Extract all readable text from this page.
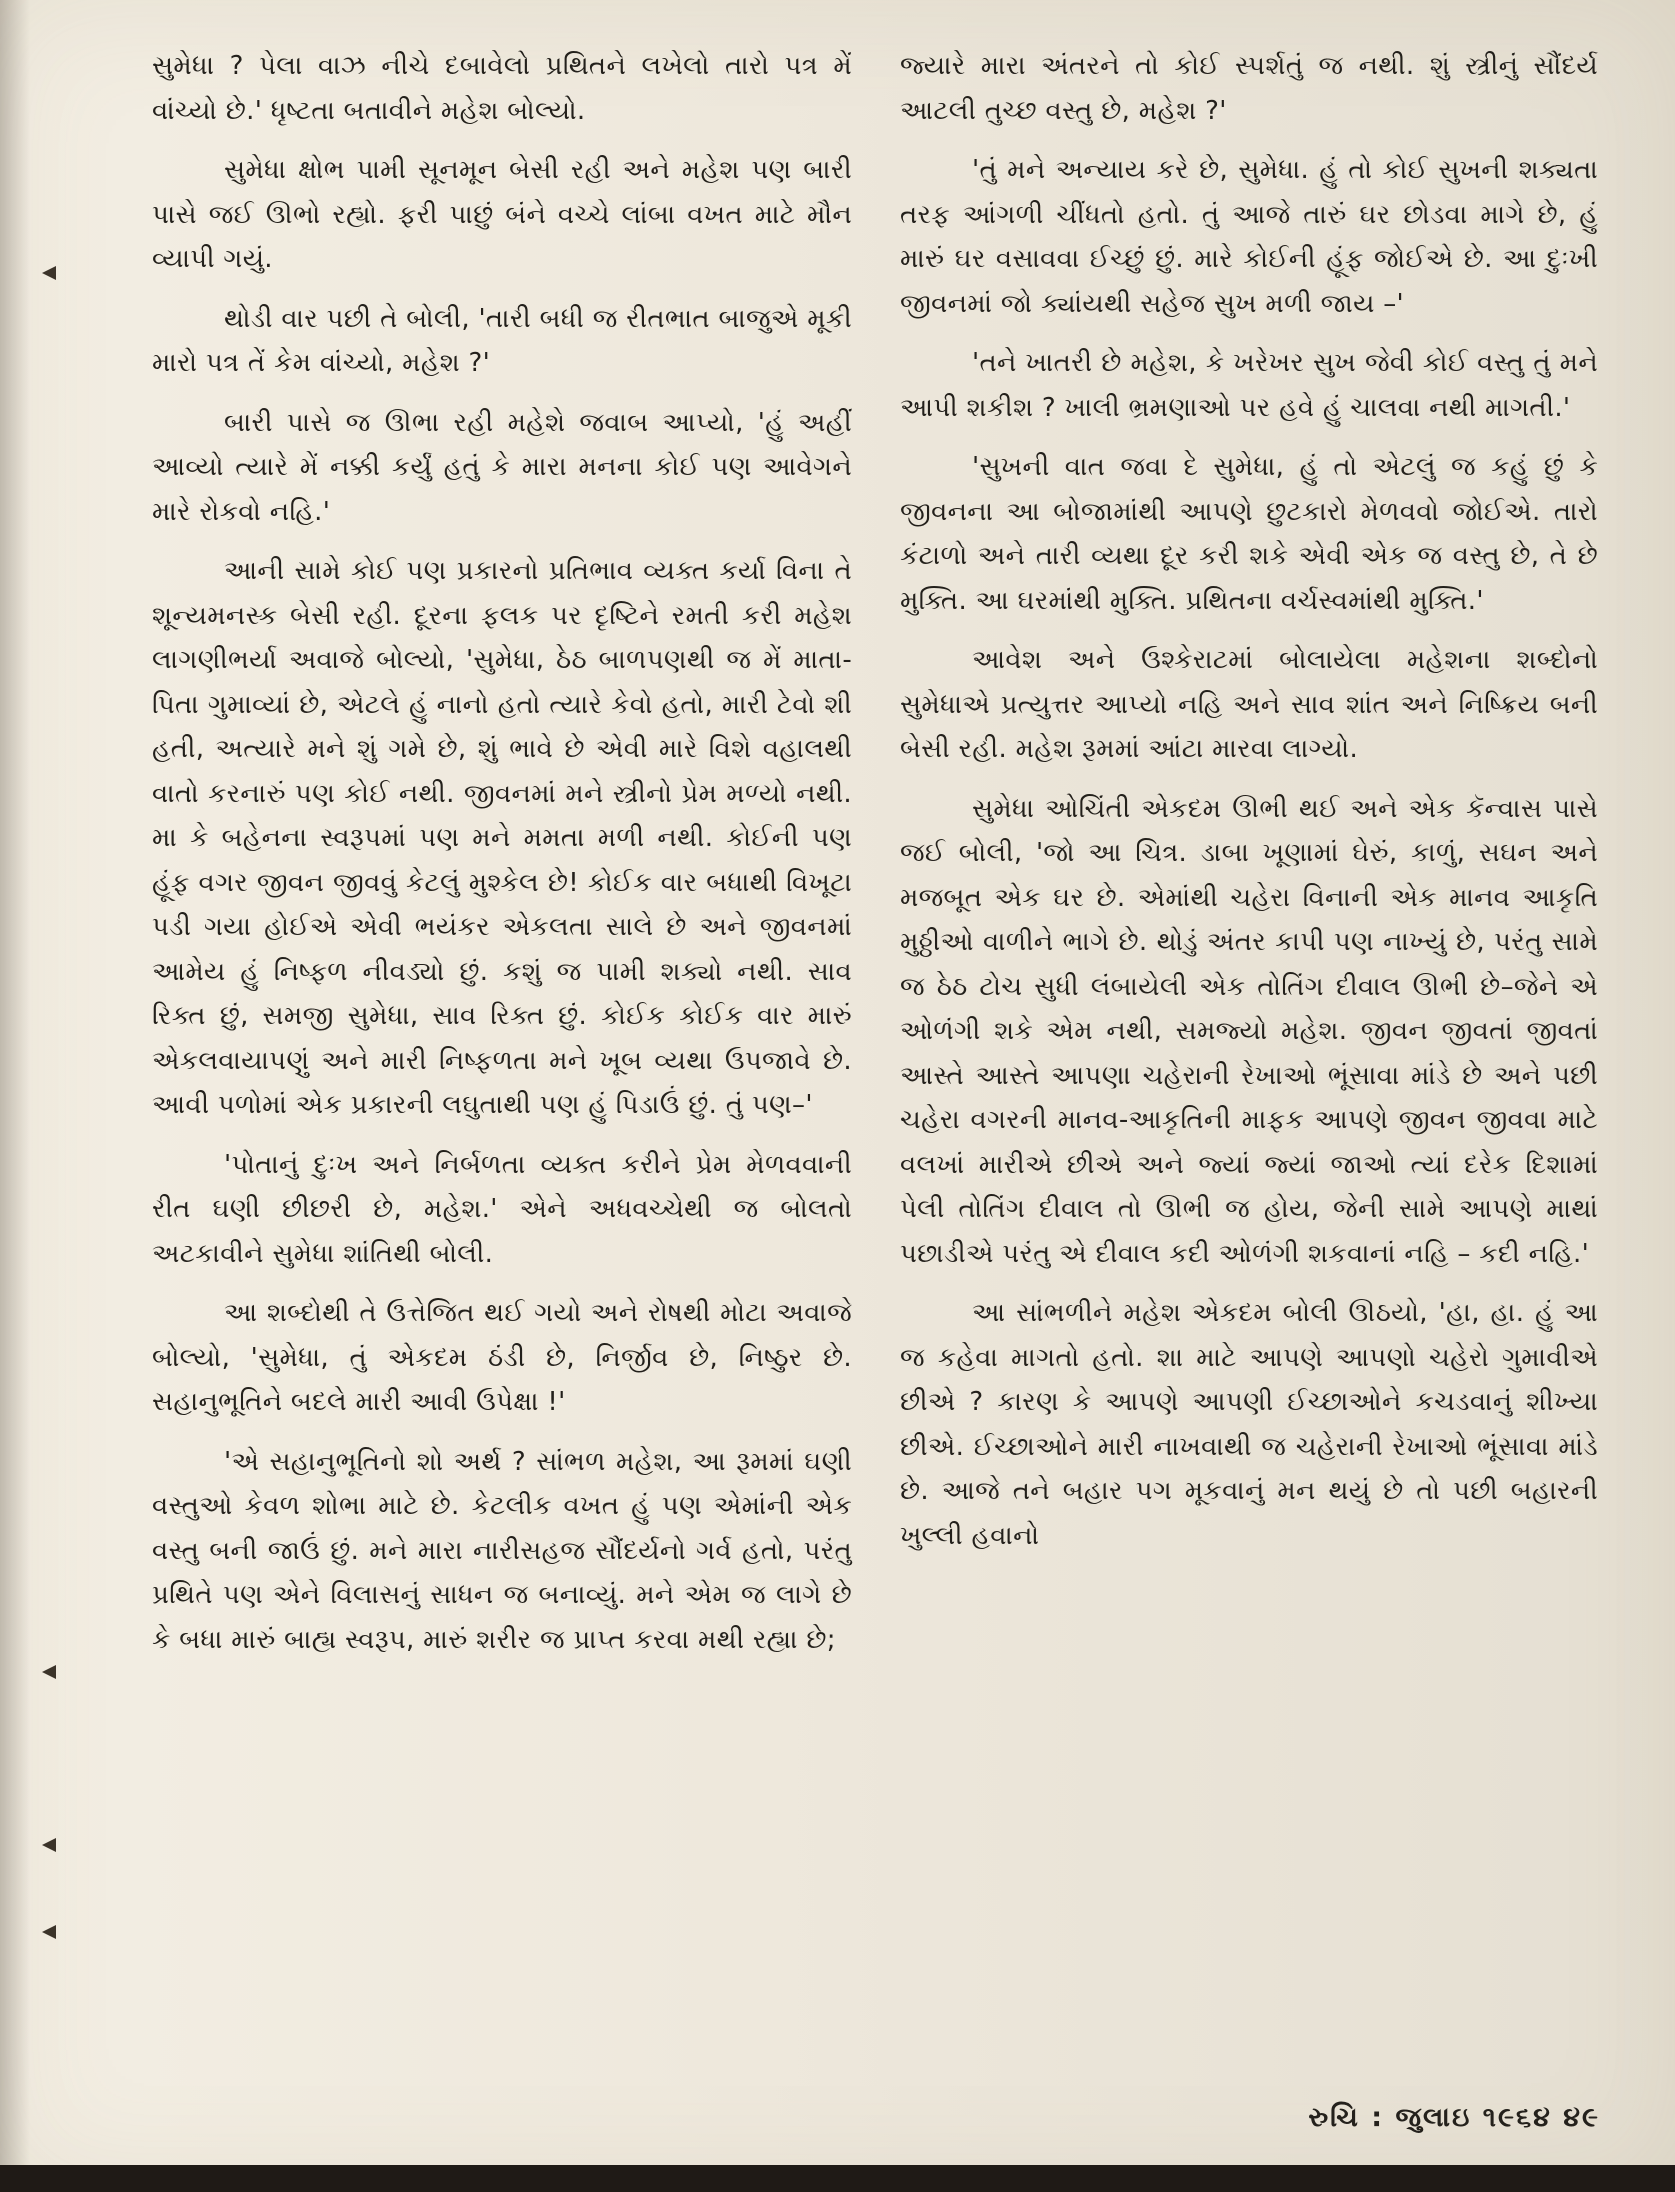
સુમેધા ? પેલા વાઝ નીચે દબાવેલો પ્રથિતને લખેલો તારો પત્ર મેં વાંચ્યો છે.' ધૃષ્ટતા બતાવીને મહેશ બોલ્યો.

સુમેધા ક્ષોભ પામી સૂનમૂન બેસી રહી અને મહેશ પણ બારી પાસે જઈ ઊભો રહ્યો. ફરી પાછું બંને વચ્ચે લાંબા વખત માટે મૌન વ્યાપી ગયું.

થોડી વાર પછી તે બોલી, 'તારી બધી જ રીતભાત બાજુએ મૂકી મારો પત્ર તેં કેમ વાંચ્યો, મહેશ ?'

બારી પાસે જ ઊભા રહી મહેશે જવાબ આપ્યો, 'હું અહીં આવ્યો ત્યારે મેં નક્કી કર્યું હતું કે મારા મનના કોઈ પણ આવેગને મારે રોકવો નહિ.'

આની સામે કોઈ પણ પ્રકારનો પ્રતિભાવ વ્યક્ત કર્યા વિના તે શૂન્યમનસ્ક બેસી રહી. દૂરના ફલક પર દૃષ્ટિને રમતી કરી મહેશ લાગણીભર્યા અવાજે બોલ્યો, 'સુમેધા, ઠેઠ બાળપણથી જ મેં માતા-પિતા ગુમાવ્યાં છે, એટલે હું નાનો હતો ત્યારે કેવો હતો, મારી ટેવો શી હતી, અત્યારે મને શું ગમે છે, શું ભાવે છે એવી મારે વિશે વહાલથી વાતો કરનારું પણ કોઈ નથી. જીવનમાં મને સ્ત્રીનો પ્રેમ મળ્યો નથી. મા કે બહેનના સ્વરૂપમાં પણ મને મમતા મળી નથી. કોઈની પણ હૂંફ વગર જીવન જીવવું કેટલું મુશ્કેલ છે! કોઈક વાર બધાથી વિખૂટા પડી ગયા હોઈએ એવી ભયંકર એકલતા સાલે છે અને જીવનમાં આમેય હું નિષ્ફળ નીવડ્યો છું. કશું જ પામી શક્યો નથી. સાવ રિક્ત છું, સમજી સુમેધા, સાવ રિક્ત છું. કોઈક કોઈક વાર મારું એકલવાયાપણું અને મારી નિષ્ફળતા મને ખૂબ વ્યથા ઉપજાવે છે. આવી પળોમાં એક પ્રકારની લઘુતાથી પણ હું પિડાઉં છું. તું પણ–'

'પોતાનું દુઃખ અને નિર્બળતા વ્યક્ત કરીને પ્રેમ મેળવવાની રીત ઘણી છીછરી છે, મહેશ.' એને અધવચ્ચેથી જ બોલતો અટકાવીને સુમેધા શાંતિથી બોલી.

આ શબ્દોથી તે ઉત્તેજિત થઈ ગયો અને રોષથી મોટા અવાજે બોલ્યો, 'સુમેધા, તું એકદમ ઠંડી છે, નિર્જીવ છે, નિષ્ઠુર છે. સહાનુભૂતિને બદલે મારી આવી ઉપેક્ષા !'

'એ સહાનુભૂતિનો શો અર્થ ? સાંભળ મહેશ, આ રૂમમાં ઘણી વસ્તુઓ કેવળ શોભા માટે છે. કેટલીક વખત હું પણ એમાંની એક વસ્તુ બની જાઉં છું. મને મારા નારીસહજ સૌંદર્યનો ગર્વ હતો, પરંતુ પ્રથિતે પણ એને વિલાસનું સાધન જ બનાવ્યું. મને એમ જ લાગે છે કે બધા મારું બાહ્ય સ્વરૂપ, મારું શરીર જ પ્રાપ્ત કરવા મથી રહ્યા છે;

જ્યારે મારા અંતરને તો કોઈ સ્પર્શતું જ નથી. શું સ્ત્રીનું સૌંદર્ય આટલી તુચ્છ વસ્તુ છે, મહેશ ?'

'તું મને અન્યાય કરે છે, સુમેધા. હું તો કોઈ સુખની શક્યતા તરફ આંગળી ચીંધતો હતો. તું આજે તારું ઘર છોડવા માગે છે, હું મારું ઘર વસાવવા ઈચ્છું છું. મારે કોઈની હૂંફ જોઈએ છે. આ દુઃખી જીવનમાં જો ક્યાંયથી સહેજ સુખ મળી જાય –'

'તને ખાતરી છે મહેશ, કે ખરેખર સુખ જેવી કોઈ વસ્તુ તું મને આપી શકીશ ? ખાલી ભ્રમણાઓ પર હવે હું ચાલવા નથી માગતી.'

'સુખની વાત જવા દે સુમેધા, હું તો એટલું જ કહું છું કે જીવનના આ બોજામાંથી આપણે છુટકારો મેળવવો જોઈએ. તારો કંટાળો અને તારી વ્યથા દૂર કરી શકે એવી એક જ વસ્તુ છે, તે છે મુક્તિ. આ ઘરમાંથી મુક્તિ. પ્રથિતના વર્ચસ્વમાંથી મુક્તિ.'

આવેશ અને ઉશ્કેરાટમાં બોલાયેલા મહેશના શબ્દોનો સુમેધાએ પ્રત્યુત્તર આપ્યો નહિ અને સાવ શાંત અને નિષ્ક્રિય બની બેસી રહી. મહેશ રૂમમાં આંટા મારવા લાગ્યો.

સુમેધા ઓચિંતી એકદમ ઊભી થઈ અને એક કૅન્વાસ પાસે જઈ બોલી, 'જો આ ચિત્ર. ડાબા ખૂણામાં ઘેરું, કાળું, સઘન અને મજબૂત એક ઘર છે. એમાંથી ચહેરા વિનાની એક માનવ આકૃતિ મુઠ્ઠીઓ વાળીને ભાગે છે. થોડું અંતર કાપી પણ નાખ્યું છે, પરંતુ સામે જ ઠેઠ ટોચ સુધી લંબાયેલી એક તોતિંગ દીવાલ ઊભી છે–જેને એ ઓળંગી શકે એમ નથી, સમજ્યો મહેશ. જીવન જીવતાં જીવતાં આસ્તે આસ્તે આપણા ચહેરાની રેખાઓ ભૂંસાવા માંડે છે અને પછી ચહેરા વગરની માનવ-આકૃતિની માફક આપણે જીવન જીવવા માટે વલખાં મારીએ છીએ અને જ્યાં જ્યાં જાઓ ત્યાં દરેક દિશામાં પેલી તોતિંગ દીવાલ તો ઊભી જ હોય, જેની સામે આપણે માથાં પછાડીએ પરંતુ એ દીવાલ કદી ઓળંગી શકવાનાં નહિ – કદી નહિ.'

આ સાંભળીને મહેશ એકદમ બોલી ઊઠયો, 'હા, હા. હું આ જ કહેવા માગતો હતો. શા માટે આપણે આપણો ચહેરો ગુમાવીએ છીએ ? કારણ કે આપણે આપણી ઈચ્છાઓને કચડવાનું શીખ્યા છીએ. ઈચ્છાઓને મારી નાખવાથી જ ચહેરાની રેખાઓ ભૂંસાવા માંડે છે. આજે તને બહાર પગ મૂકવાનું મન થયું છે તો પછી બહારની ખુલ્લી હવાનો

રુચિ : જુલાઇ ૧૯૬૪ ૪૯
